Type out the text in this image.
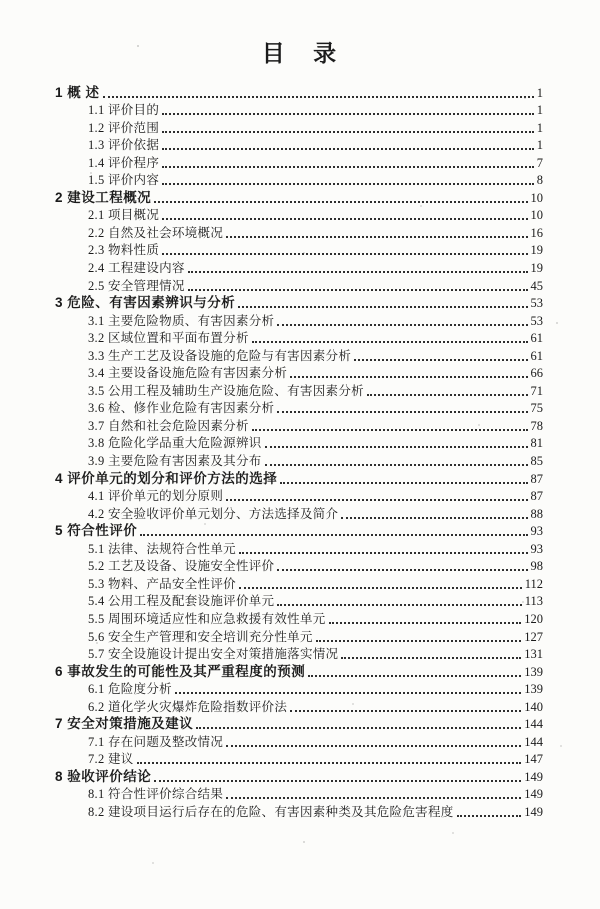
目 录
1 概 述	1
1.1 评价目的	1
1.2 评价范围	1
1.3 评价依据	1
1.4 评价程序	7
1.5 评价内容	8
2 建设工程概况	10
2.1 项目概况	10
2.2 自然及社会环境概况	16
2.3 物料性质	19
2.4 工程建设内容	19
2.5 安全管理情况	45
3 危险、有害因素辨识与分析	53
3.1 主要危险物质、有害因素分析	53
3.2 区域位置和平面布置分析	61
3.3 生产工艺及设备设施的危险与有害因素分析	61
3.4 主要设备设施危险有害因素分析	66
3.5 公用工程及辅助生产设施危险、有害因素分析	71
3.6 检、修作业危险有害因素分析	75
3.7 自然和社会危险因素分析	78
3.8 危险化学品重大危险源辨识	81
3.9 主要危险有害因素及其分布	85
4 评价单元的划分和评价方法的选择	87
4.1 评价单元的划分原则	87
4.2 安全验收评价单元划分、方法选择及简介	88
5 符合性评价	93
5.1 法律、法规符合性单元	93
5.2 工艺及设备、设施安全性评价	98
5.3 物料、产品安全性评价	112
5.4 公用工程及配套设施评价单元	113
5.5 周围环境适应性和应急救援有效性单元	120
5.6 安全生产管理和安全培训充分性单元	127
5.7 安全设施设计提出安全对策措施落实情况	131
6 事故发生的可能性及其严重程度的预测	139
6.1 危险度分析	139
6.2 道化学火灾爆炸危险指数评价法	140
7 安全对策措施及建议	144
7.1 存在问题及整改情况	144
7.2 建议	147
8 验收评价结论	149
8.1 符合性评价综合结果	149
8.2 建设项目运行后存在的危险、有害因素种类及其危险危害程度	149
